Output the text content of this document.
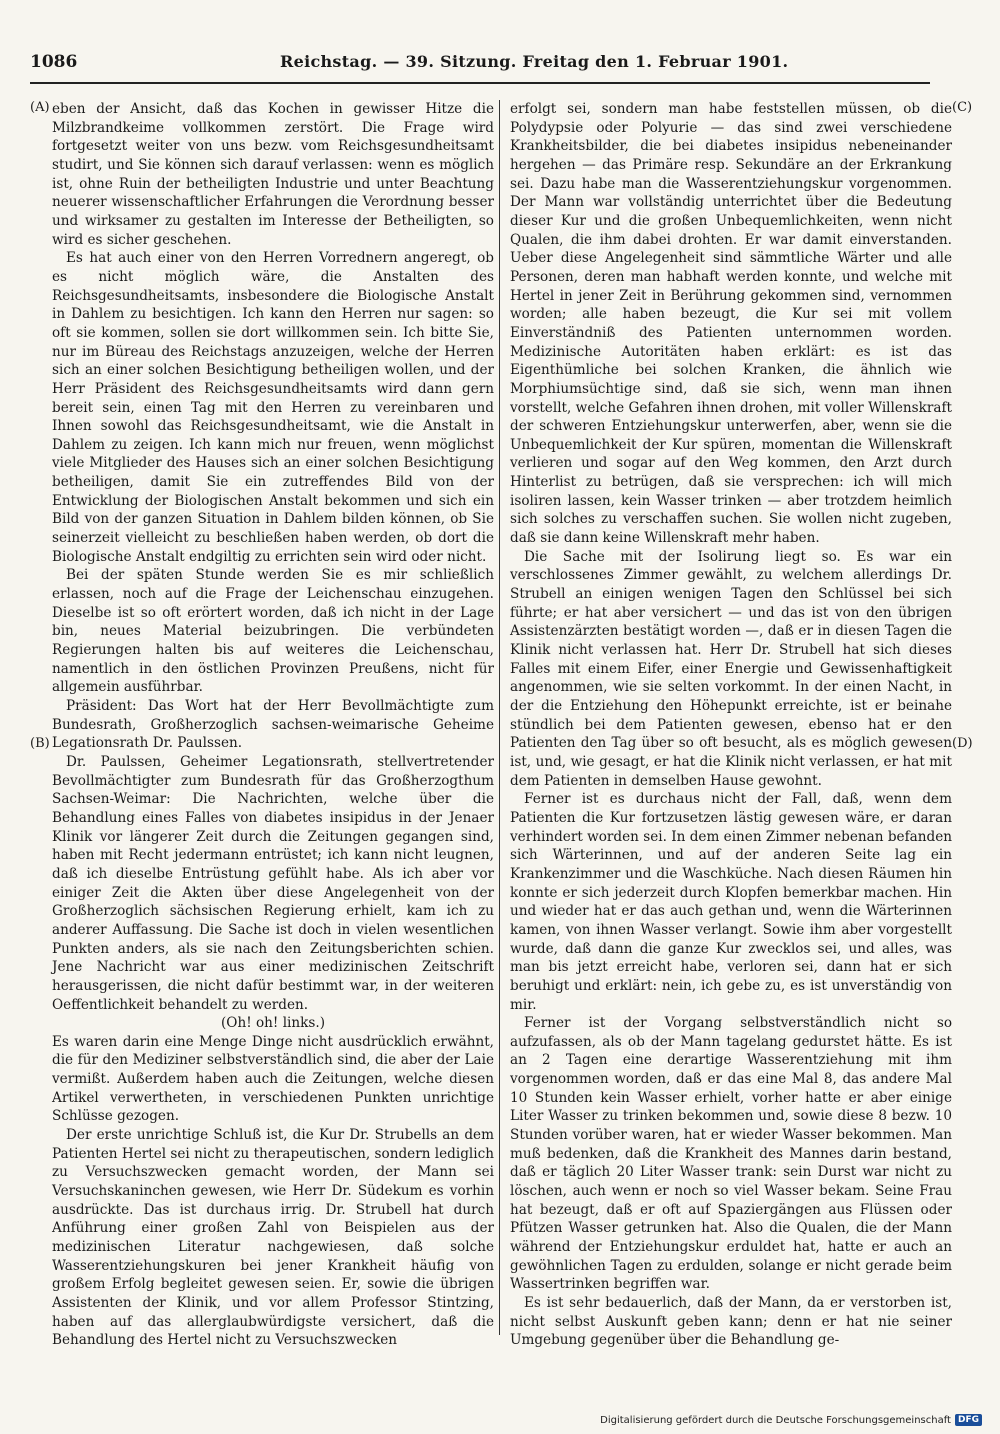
1086	Reichstag. — 39. Sitzung. Freitag den 1. Februar 1901.
(A)
(B)
(C)
(D)

eben der Ansicht, daß das Kochen in gewisser Hitze die Milzbrandkeime vollkommen zerstört. Die Frage wird fortgesetzt weiter von uns bezw. vom Reichsgesundheitsamt studirt, und Sie können sich darauf verlassen: wenn es möglich ist, ohne Ruin der betheiligten Industrie und unter Beachtung neuerer wissenschaftlicher Erfahrungen die Verordnung besser und wirksamer zu gestalten im Interesse der Betheiligten, so wird es sicher geschehen.

Es hat auch einer von den Herren Vorrednern angeregt, ob es nicht möglich wäre, die Anstalten des Reichsgesundheitsamts, insbesondere die Biologische Anstalt in Dahlem zu besichtigen. Ich kann den Herren nur sagen: so oft sie kommen, sollen sie dort willkommen sein. Ich bitte Sie, nur im Büreau des Reichstags anzuzeigen, welche der Herren sich an einer solchen Besichtigung betheiligen wollen, und der Herr Präsident des Reichsgesundheitsamts wird dann gern bereit sein, einen Tag mit den Herren zu vereinbaren und Ihnen sowohl das Reichsgesundheitsamt, wie die Anstalt in Dahlem zu zeigen. Ich kann mich nur freuen, wenn möglichst viele Mitglieder des Hauses sich an einer solchen Besichtigung betheiligen, damit Sie ein zutreffendes Bild von der Entwicklung der Biologischen Anstalt bekommen und sich ein Bild von der ganzen Situation in Dahlem bilden können, ob Sie seinerzeit vielleicht zu beschließen haben werden, ob dort die Biologische Anstalt endgiltig zu errichten sein wird oder nicht.

Bei der späten Stunde werden Sie es mir schließlich erlassen, noch auf die Frage der Leichenschau einzugehen. Dieselbe ist so oft erörtert worden, daß ich nicht in der Lage bin, neues Material beizubringen. Die verbündeten Regierungen halten bis auf weiteres die Leichenschau, namentlich in den östlichen Provinzen Preußens, nicht für allgemein ausführbar.

Präsident: Das Wort hat der Herr Bevollmächtigte zum Bundesrath, Großherzoglich sachsen-weimarische Geheime Legationsrath Dr. Paulssen.

Dr. Paulssen, Geheimer Legationsrath, stellvertretender Bevollmächtigter zum Bundesrath für das Großherzogthum Sachsen-Weimar: Die Nachrichten, welche über die Behandlung eines Falles von diabetes insipidus in der Jenaer Klinik vor längerer Zeit durch die Zeitungen gegangen sind, haben mit Recht jedermann entrüstet; ich kann nicht leugnen, daß ich dieselbe Entrüstung gefühlt habe. Als ich aber vor einiger Zeit die Akten über diese Angelegenheit von der Großherzoglich sächsischen Regierung erhielt, kam ich zu anderer Auffassung. Die Sache ist doch in vielen wesentlichen Punkten anders, als sie nach den Zeitungsberichten schien. Jene Nachricht war aus einer medizinischen Zeitschrift herausgerissen, die nicht dafür bestimmt war, in der weiteren Oeffentlichkeit behandelt zu werden.

(Oh! oh! links.)

Es waren darin eine Menge Dinge nicht ausdrücklich erwähnt, die für den Mediziner selbstverständlich sind, die aber der Laie vermißt. Außerdem haben auch die Zeitungen, welche diesen Artikel verwertheten, in verschiedenen Punkten unrichtige Schlüsse gezogen.

Der erste unrichtige Schluß ist, die Kur Dr. Strubells an dem Patienten Hertel sei nicht zu therapeutischen, sondern lediglich zu Versuchszwecken gemacht worden, der Mann sei Versuchskaninchen gewesen, wie Herr Dr. Südekum es vorhin ausdrückte. Das ist durchaus irrig. Dr. Strubell hat durch Anführung einer großen Zahl von Beispielen aus der medizinischen Literatur nachgewiesen, daß solche Wasserentziehungskuren bei jener Krankheit häufig von großem Erfolg begleitet gewesen seien. Er, sowie die übrigen Assistenten der Klinik, und vor allem Professor Stintzing, haben auf das allerglaubwürdigste versichert, daß die Behandlung des Hertel nicht zu Versuchszwecken

erfolgt sei, sondern man habe feststellen müssen, ob die Polydypsie oder Polyurie — das sind zwei verschiedene Krankheitsbilder, die bei diabetes insipidus nebeneinander hergehen — das Primäre resp. Sekundäre an der Erkrankung sei. Dazu habe man die Wasserentziehungskur vorgenommen. Der Mann war vollständig unterrichtet über die Bedeutung dieser Kur und die großen Unbequemlichkeiten, wenn nicht Qualen, die ihm dabei drohten. Er war damit einverstanden. Ueber diese Angelegenheit sind sämmtliche Wärter und alle Personen, deren man habhaft werden konnte, und welche mit Hertel in jener Zeit in Berührung gekommen sind, vernommen worden; alle haben bezeugt, die Kur sei mit vollem Einverständniß des Patienten unternommen worden. Medizinische Autoritäten haben erklärt: es ist das Eigenthümliche bei solchen Kranken, die ähnlich wie Morphiumsüchtige sind, daß sie sich, wenn man ihnen vorstellt, welche Gefahren ihnen drohen, mit voller Willenskraft der schweren Entziehungskur unterwerfen, aber, wenn sie die Unbequemlichkeit der Kur spüren, momentan die Willenskraft verlieren und sogar auf den Weg kommen, den Arzt durch Hinterlist zu betrügen, daß sie versprechen: ich will mich isoliren lassen, kein Wasser trinken — aber trotzdem heimlich sich solches zu verschaffen suchen. Sie wollen nicht zugeben, daß sie dann keine Willenskraft mehr haben.

Die Sache mit der Isolirung liegt so. Es war ein verschlossenes Zimmer gewählt, zu welchem allerdings Dr. Strubell an einigen wenigen Tagen den Schlüssel bei sich führte; er hat aber versichert — und das ist von den übrigen Assistenzärzten bestätigt worden —, daß er in diesen Tagen die Klinik nicht verlassen hat. Herr Dr. Strubell hat sich dieses Falles mit einem Eifer, einer Energie und Gewissenhaftigkeit angenommen, wie sie selten vorkommt. In der einen Nacht, in der die Entziehung den Höhepunkt erreichte, ist er beinahe stündlich bei dem Patienten gewesen, ebenso hat er den Patienten den Tag über so oft besucht, als es möglich gewesen ist, und, wie gesagt, er hat die Klinik nicht verlassen, er hat mit dem Patienten in demselben Hause gewohnt.

Ferner ist es durchaus nicht der Fall, daß, wenn dem Patienten die Kur fortzusetzen lästig gewesen wäre, er daran verhindert worden sei. In dem einen Zimmer nebenan befanden sich Wärterinnen, und auf der anderen Seite lag ein Krankenzimmer und die Waschküche. Nach diesen Räumen hin konnte er sich jederzeit durch Klopfen bemerkbar machen. Hin und wieder hat er das auch gethan und, wenn die Wärterinnen kamen, von ihnen Wasser verlangt. Sowie ihm aber vorgestellt wurde, daß dann die ganze Kur zwecklos sei, und alles, was man bis jetzt erreicht habe, verloren sei, dann hat er sich beruhigt und erklärt: nein, ich gebe zu, es ist unverständig von mir.

Ferner ist der Vorgang selbstverständlich nicht so aufzufassen, als ob der Mann tagelang gedurstet hätte. Es ist an 2 Tagen eine derartige Wasserentziehung mit ihm vorgenommen worden, daß er das eine Mal 8, das andere Mal 10 Stunden kein Wasser erhielt, vorher hatte er aber einige Liter Wasser zu trinken bekommen und, sowie diese 8 bezw. 10 Stunden vorüber waren, hat er wieder Wasser bekommen. Man muß bedenken, daß die Krankheit des Mannes darin bestand, daß er täglich 20 Liter Wasser trank: sein Durst war nicht zu löschen, auch wenn er noch so viel Wasser bekam. Seine Frau hat bezeugt, daß er oft auf Spaziergängen aus Flüssen oder Pfützen Wasser getrunken hat. Also die Qualen, die der Mann während der Entziehungskur erduldet hat, hatte er auch an gewöhnlichen Tagen zu erdulden, solange er nicht gerade beim Wassertrinken begriffen war.

Es ist sehr bedauerlich, daß der Mann, da er verstorben ist, nicht selbst Auskunft geben kann; denn er hat nie seiner Umgebung gegenüber über die Behandlung ge-

Digitalisierung gefördert durch die Deutsche Forschungsgemeinschaft DFG
